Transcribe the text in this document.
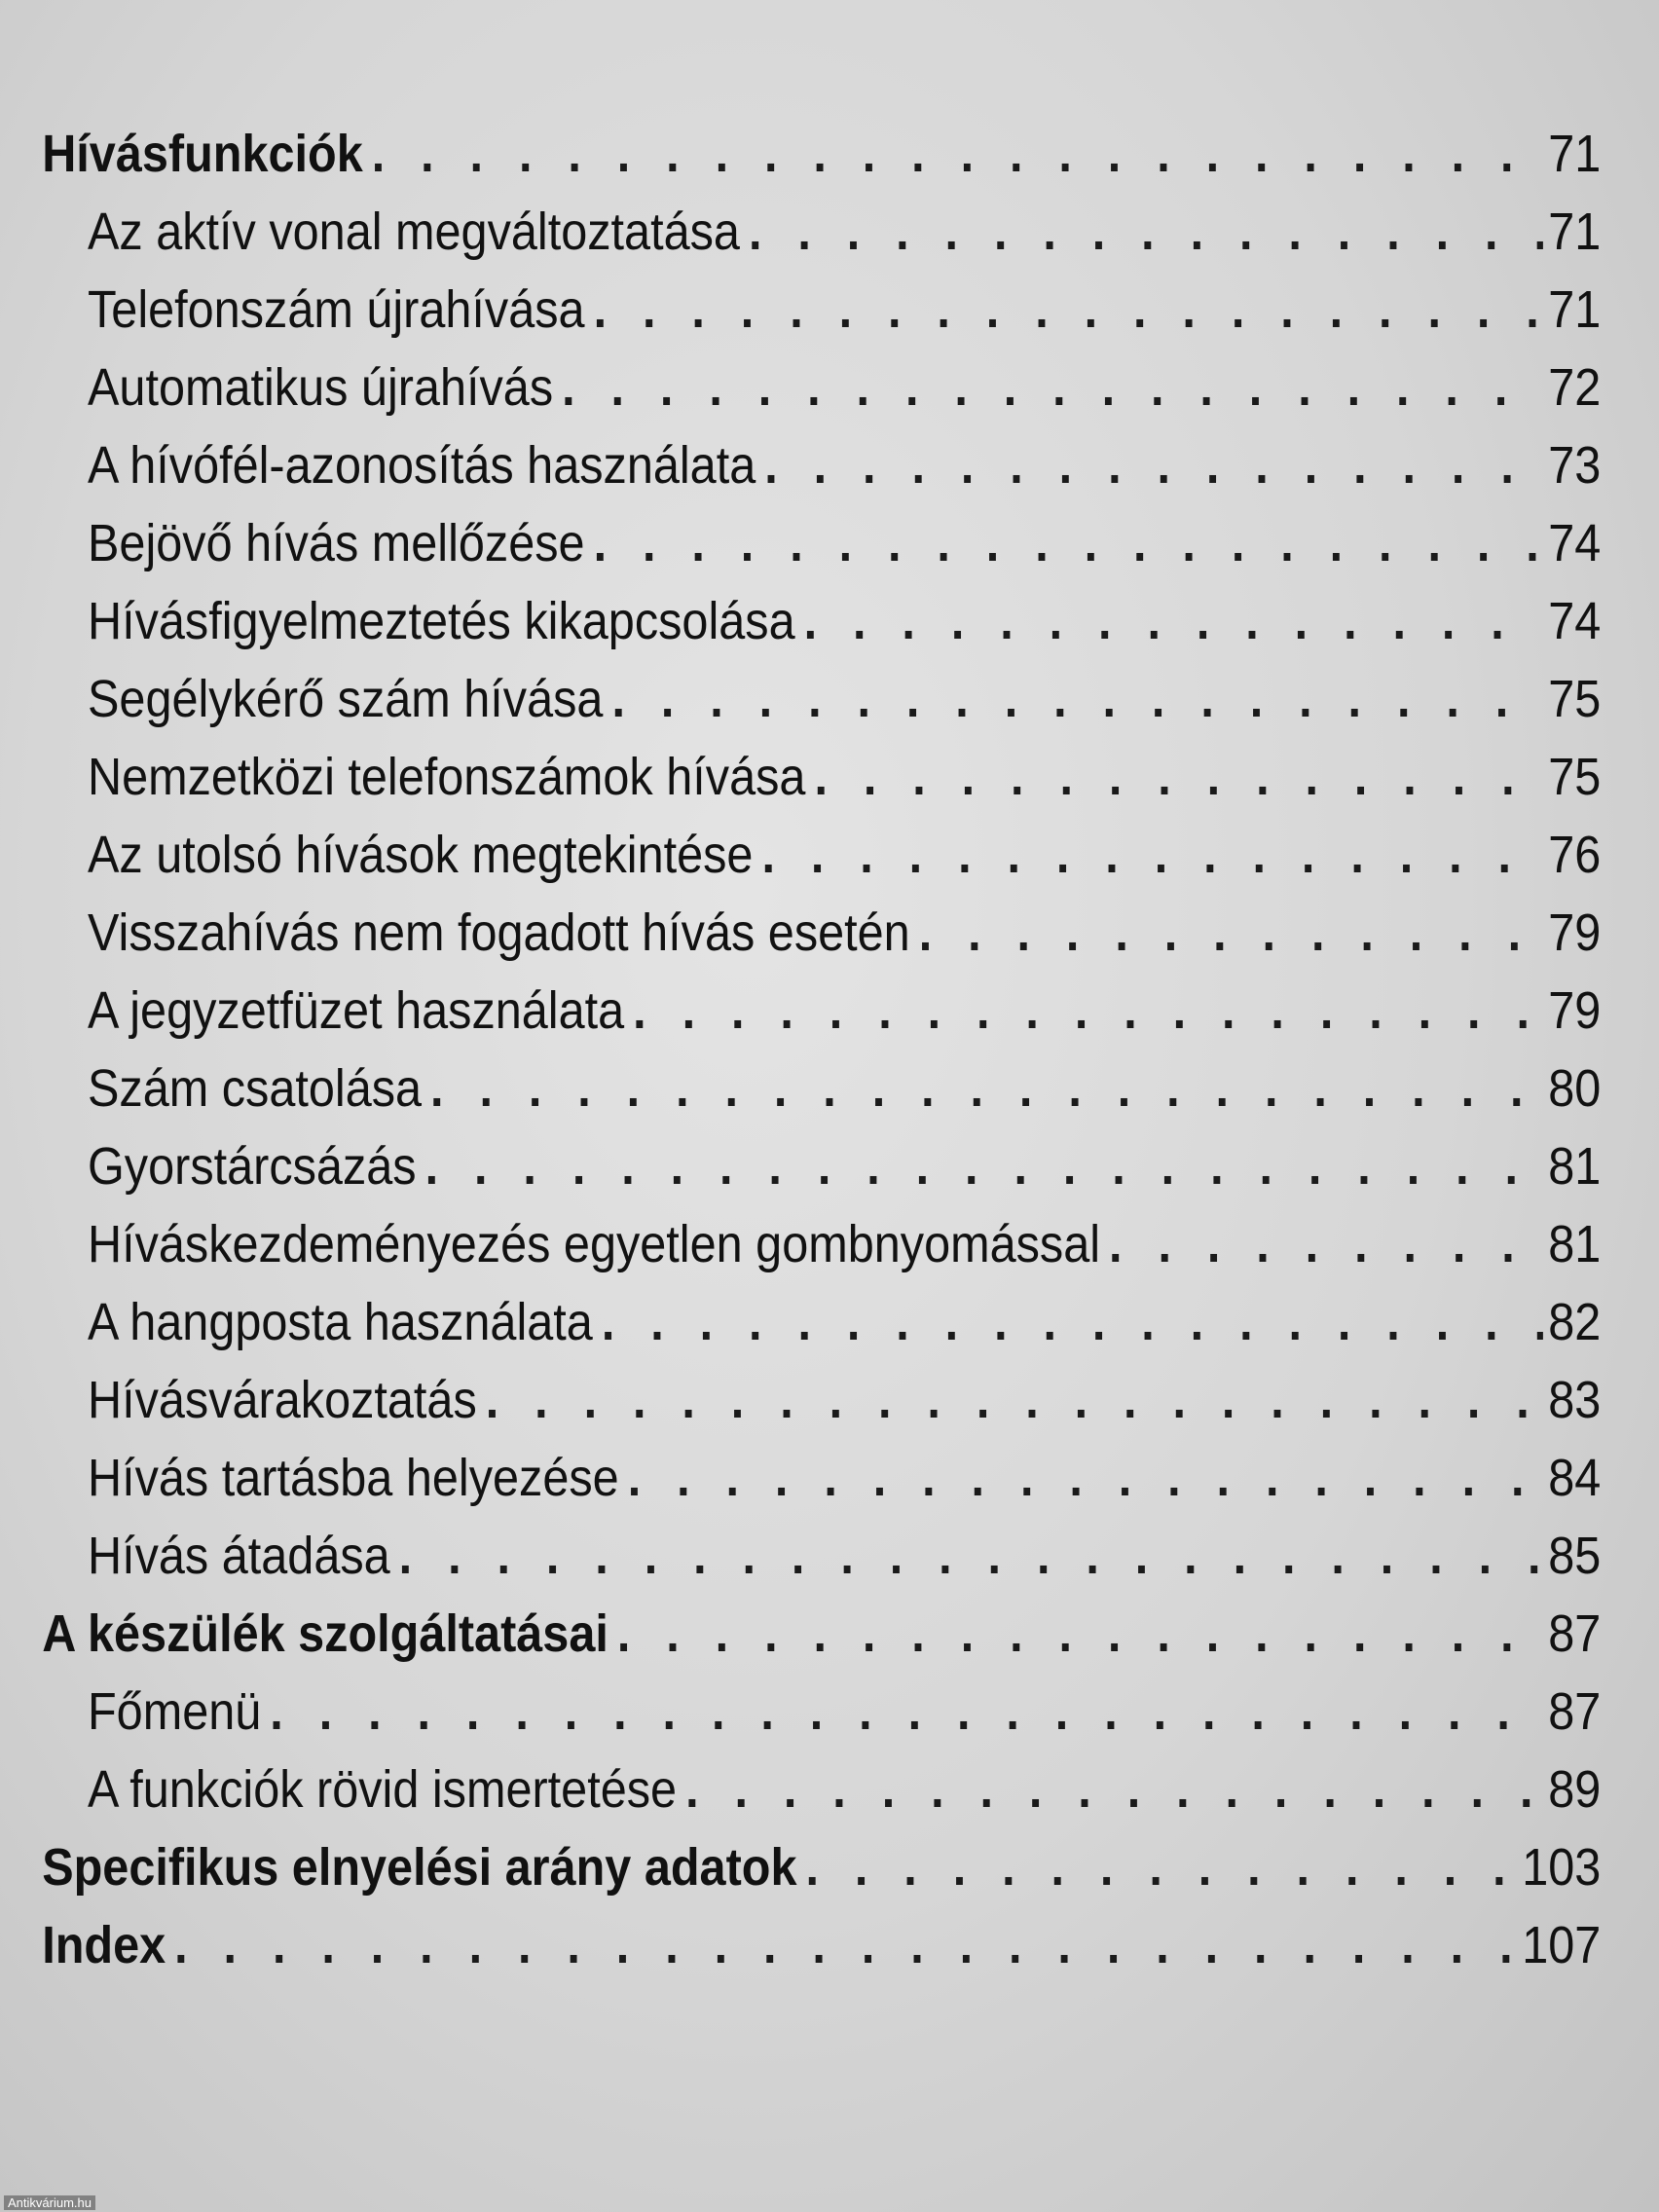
Hívásfunkciók . . .	71
Az aktív vonal megváltoztatása . . .	71
Telefonszám újrahívása . . .	71
Automatikus újrahívás . . .	72
A hívófél-azonosítás használata . . .	73
Bejövő hívás mellőzése . . .	74
Hívásfigyelmeztetés kikapcsolása . . .	74
Segélykérő szám hívása . . .	75
Nemzetközi telefonszámok hívása . . .	75
Az utolsó hívások megtekintése . . .	76
Visszahívás nem fogadott hívás esetén . . .	79
A jegyzetfüzet használata . . .	79
Szám csatolása . . .	80
Gyorstárcsázás . . .	81
Híváskezdeményezés egyetlen gombnyomással . . .	81
A hangposta használata . . .	82
Hívásvárakoztatás . . .	83
Hívás tartásba helyezése . . .	84
Hívás átadása . . .	85
A készülék szolgáltatásai . . .	87
Főmenü . . .	87
A funkciók rövid ismertetése . . .	89
Specifikus elnyelési arány adatok . . .	103
Index . . .	107
Antikvárium.hu
